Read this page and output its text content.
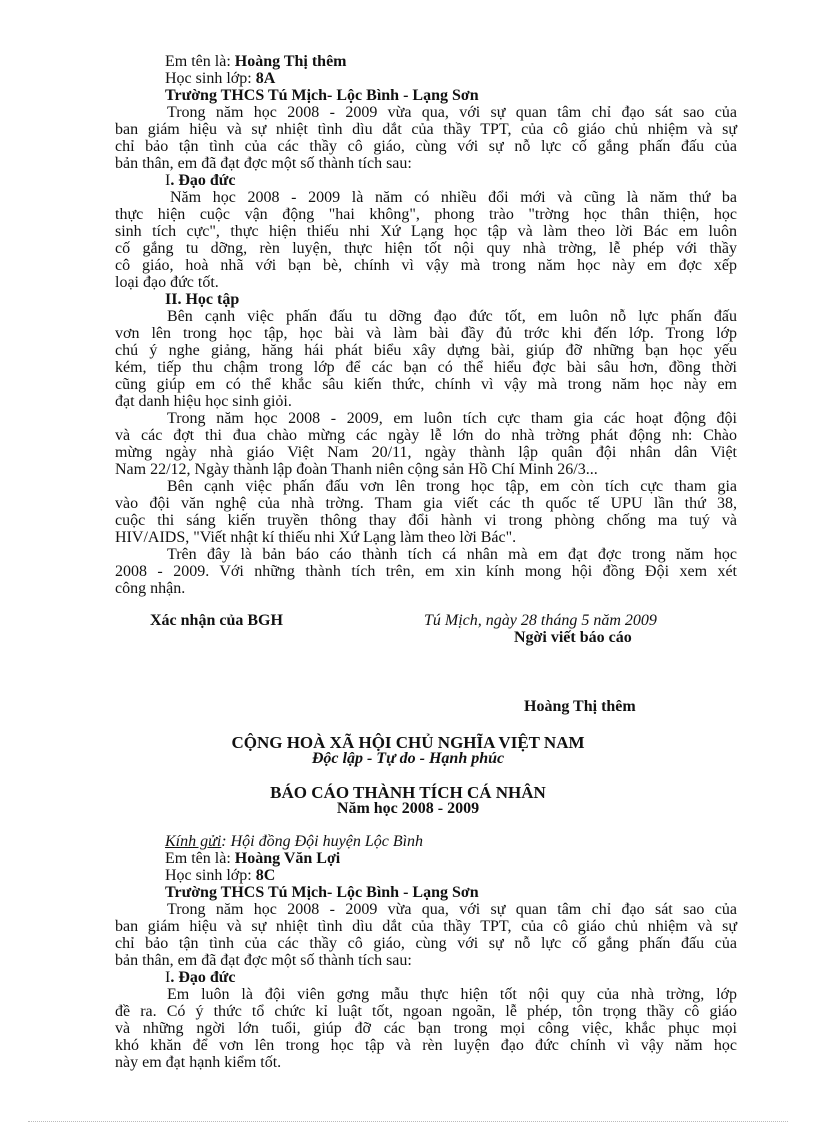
Em tên là: Hoàng Thị thêm
Học sinh lớp: 8A
Trường THCS Tú Mịch- Lộc Bình - Lạng Sơn
Trong năm học 2008 - 2009 vừa qua, với sự quan tâm chỉ đạo sát sao của
ban giám hiệu và sự nhiệt tình dìu dắt của thầy TPT, của cô giáo chủ nhiệm và sự
chỉ bảo tận tình của các thầy cô giáo, cùng với sự nỗ lực cố gắng phấn đấu của
bản thân, em đã đạt đợc một số thành tích sau:
I. Đạo đức
Năm học 2008 - 2009 là năm có nhiều đổi mới và cũng là năm thứ ba
thực hiện cuộc vận động "hai không", phong trào "trờng học thân thiện, học
sinh tích cực", thực hiện thiếu nhi Xứ Lạng học tập và làm theo lời Bác em luôn
cố gắng tu dỡng, rèn luyện, thực hiện tốt nội quy nhà trờng, lễ phép với thầy
cô giáo, hoà nhã với bạn bè, chính vì vậy mà trong năm học này em đợc xếp
loại đạo đức tốt.
II. Học tập
Bên cạnh việc phấn đấu tu dỡng đạo đức tốt, em luôn nỗ lực phấn đấu
vơn lên trong học tập, học bài và làm bài đầy đủ trớc khi đến lớp. Trong lớp
chú ý nghe giảng, hăng hái phát biểu xây dựng bài, giúp đỡ những bạn học yếu
kém, tiếp thu chậm trong lớp để các bạn có thể hiểu đợc bài sâu hơn, đồng thời
cũng giúp em có thể khắc sâu kiến thức, chính vì vậy mà trong năm học này em
đạt danh hiệu học sinh giỏi.
Trong năm học 2008 - 2009, em luôn tích cực tham gia các hoạt động đội
và các đợt thi đua chào mừng các ngày lễ lớn do nhà trờng phát động nh: Chào
mừng ngày nhà giáo Việt Nam 20/11, ngày thành lập quân đội nhân dân Việt
Nam 22/12, Ngày thành lập đoàn Thanh niên cộng sản Hồ Chí Minh 26/3...
Bên cạnh việc phấn đấu vơn lên trong học tập, em còn tích cực tham gia
vào đội văn nghệ của nhà trờng. Tham gia viết các th quốc tế UPU lần thứ 38,
cuộc thi sáng kiến truyền thông thay đổi hành vi trong phòng chống ma tuý và
HIV/AIDS, "Viết nhật kí thiếu nhi Xứ Lạng làm theo lời Bác".
Trên đây là bản báo cáo thành tích cá nhân mà em đạt đợc trong năm học
2008 - 2009. Với những thành tích trên, em xin kính mong hội đồng Đội xem xét
công nhận.
Xác nhận của BGH	Tú Mịch, ngày 28 tháng 5 năm 2009
Ngời viết báo cáo
Hoàng Thị thêm
CỘNG HOÀ XÃ HỘI CHỦ NGHĨA VIỆT NAM
Độc lập - Tự do - Hạnh phúc
BÁO CÁO THÀNH TÍCH CÁ NHÂN
Năm học 2008 - 2009
Kính gửi: Hội đồng Đội huyện Lộc Bình
Em tên là: Hoàng Văn Lợi
Học sinh lớp: 8C
Trường THCS Tú Mịch- Lộc Bình - Lạng Sơn
Trong năm học 2008 - 2009 vừa qua, với sự quan tâm chỉ đạo sát sao của
ban giám hiệu và sự nhiệt tình dìu dắt của thầy TPT, của cô giáo chủ nhiệm và sự
chỉ bảo tận tình của các thầy cô giáo, cùng với sự nỗ lực cố gắng phấn đấu của
bản thân, em đã đạt đợc một số thành tích sau:
I. Đạo đức
Em luôn là đội viên gơng mẫu thực hiện tốt nội quy của nhà trờng, lớp
đề ra. Có ý thức tổ chức kỉ luật tốt, ngoan ngoãn, lễ phép, tôn trọng thầy cô giáo
và những ngời lớn tuổi, giúp đỡ các bạn trong mọi công việc, khắc phục mọi
khó khăn để vơn lên trong học tập và rèn luyện đạo đức chính vì vậy năm học
này em đạt hạnh kiểm tốt.
